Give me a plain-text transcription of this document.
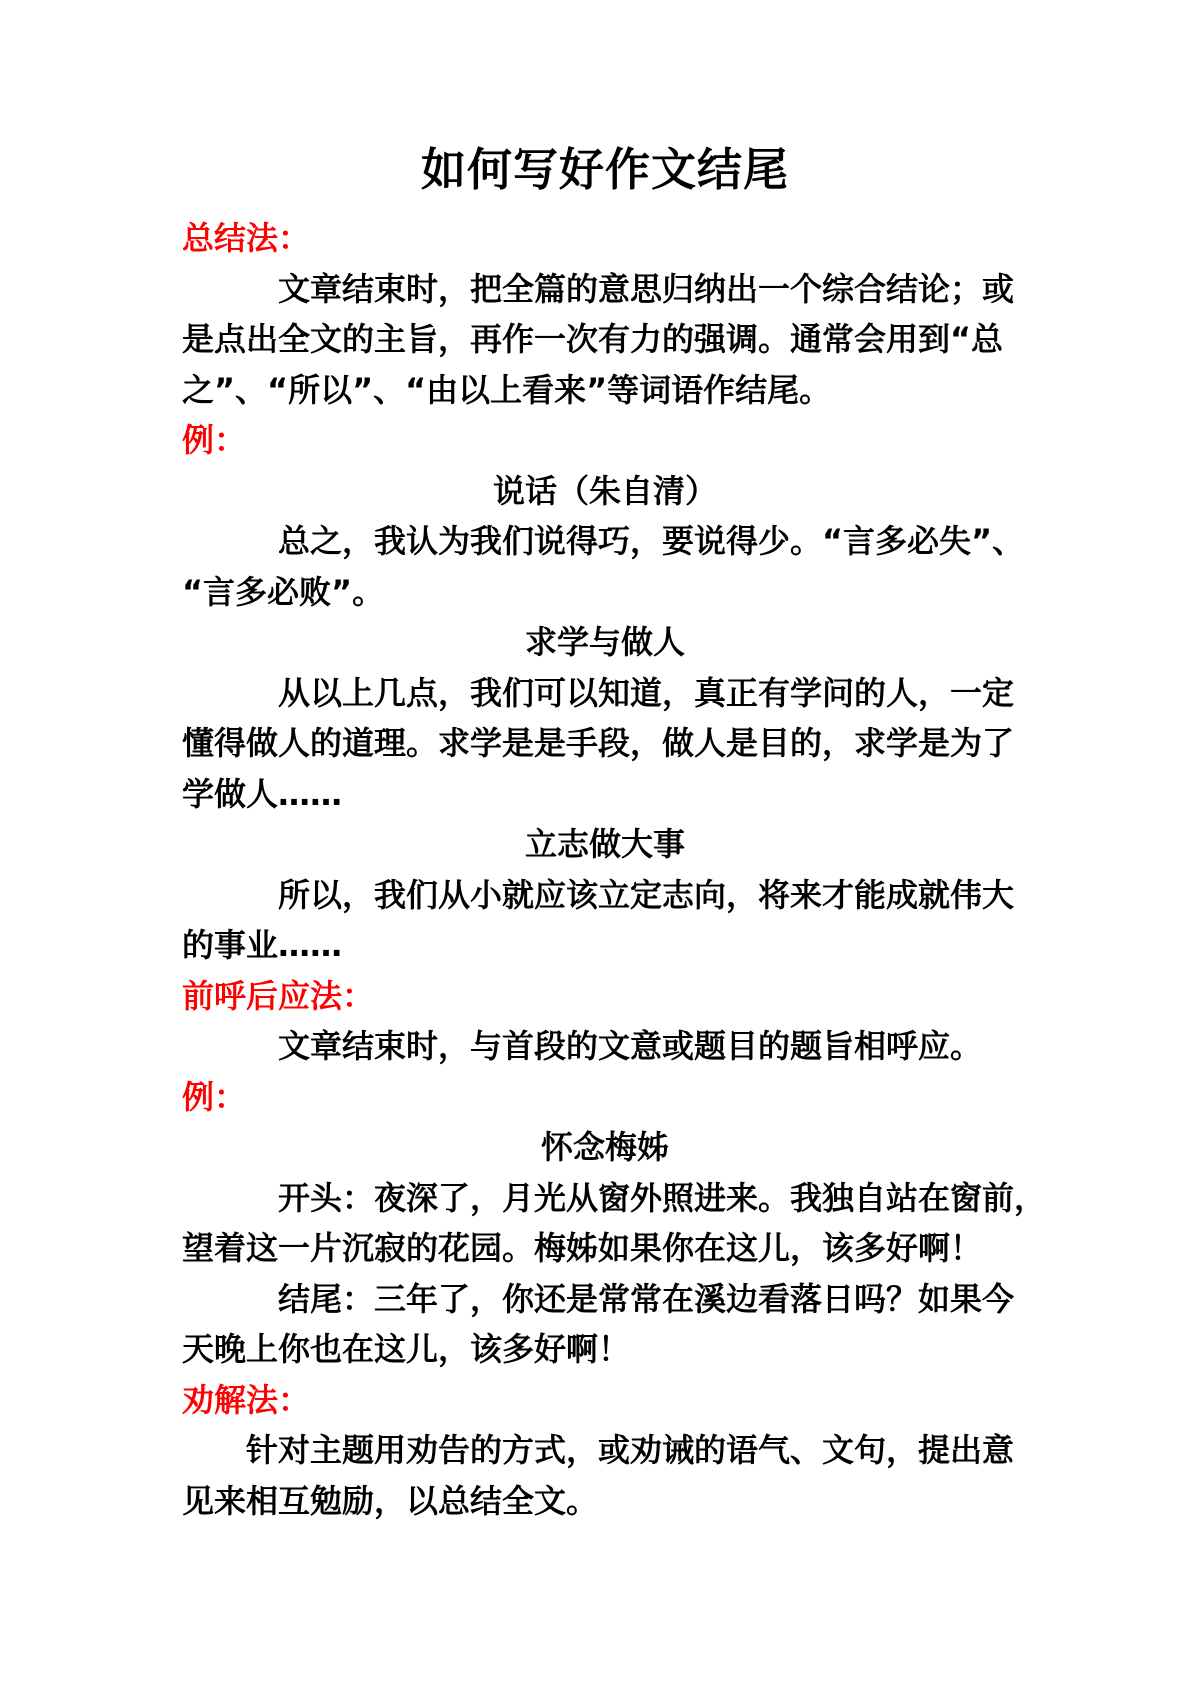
如何写好作文结尾
总结法：
文章结束时，把全篇的意思归纳出一个综合结论；或
是点出全文的主旨，再作一次有力的强调。通常会用到“总
之”、“所以”、“由以上看来”等词语作结尾。
例：
说话（朱自清）
总之，我认为我们说得巧，要说得少。“言多必失”、
“言多必败”。
求学与做人
从以上几点，我们可以知道，真正有学问的人，一定
懂得做人的道理。求学是是手段，做人是目的，求学是为了
学做人……
立志做大事
所以，我们从小就应该立定志向，将来才能成就伟大
的事业……
前呼后应法：
文章结束时，与首段的文意或题目的题旨相呼应。
例：
怀念梅姊
开头：夜深了，月光从窗外照进来。我独自站在窗前，
望着这一片沉寂的花园。梅姊如果你在这儿，该多好啊！
结尾：三年了，你还是常常在溪边看落日吗？如果今
天晚上你也在这儿，该多好啊！
劝解法：
针对主题用劝告的方式，或劝诫的语气、文句，提出意
见来相互勉励，以总结全文。
